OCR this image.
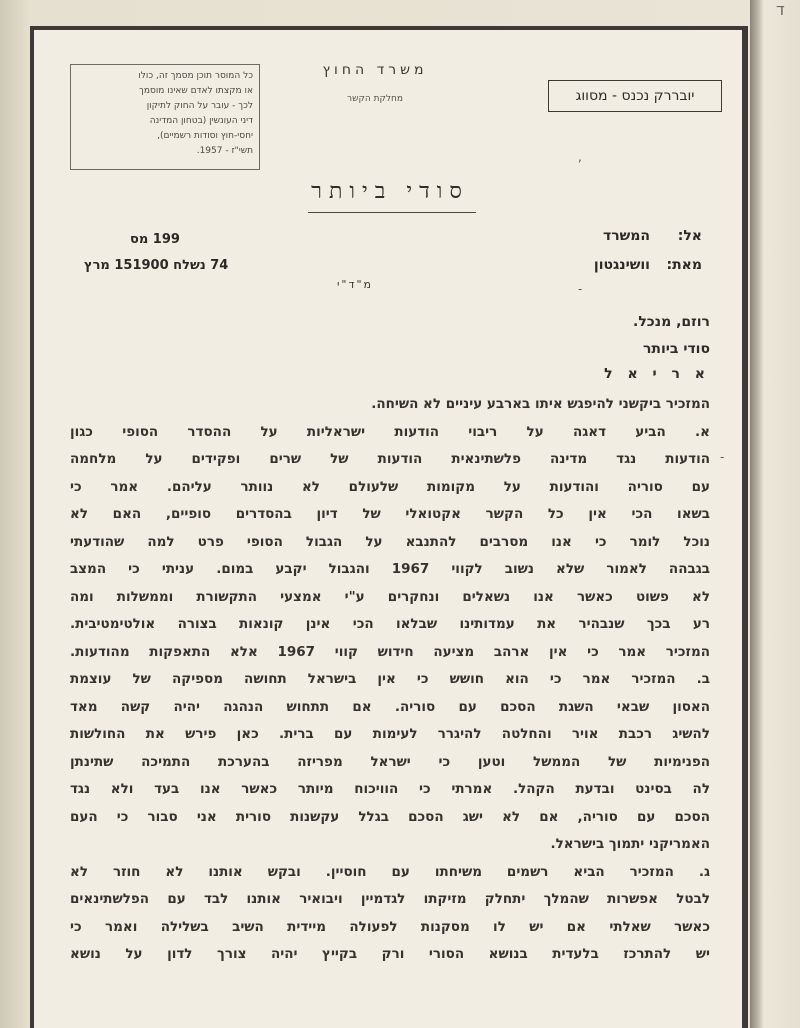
ד
כל המוסר תוכן מסמך זה, כולו
או מקצתו לאדם שאינו מוסמך
לכך - עובר על החוק לתיקון
דיני העונשין (בטחון המדינה
יחסי-חוץ וסודות רשמיים),
תשי"ז - 1957.
משרד החוץ
מחלקת הקשר	יובררק נכנס - מסווג
סודי ביותר
אל:
המשרד
מאת:
וושינגטון
199 מס
74 נשלח 151900 מרץ
מ"ד"י
,
-
-
רוזם, מנכל.
סודי ביותר
א ר י א ל
המזכיר ביקשני להיפגש איתו בארבע עיניים לא השיחה.
א. הביע דאגה על ריבוי הודעות ישראליות על ההסדר הסופי כגון
הודעות נגד מדינה פלשתינאית הודעות של שרים ופקידים על מלחמה
עם סוריה והודעות על מקומות שלעולם לא נוותר עליהם. אמר כי
בשאו הכי אין כל הקשר אקטואלי של דיון בהסדרים סופיים, האם לא
נוכל לומר כי אנו מסרבים להתנבא על הגבול הסופי פרט למה שהודעתי
בגבהה לאמור שלא נשוב לקווי 1967 והגבול יקבע במום. עניתי כי המצב
לא פשוט כאשר אנו נשאלים ונחקרים ע"י אמצעי התקשורת וממשלות ומה
רע בכך שנבהיר את עמדותינו שבלאו הכי אינן קונאות בצורה אולטימטיבית.
המזכיר אמר כי אין ארהב מציעה חידוש קווי 1967 אלא התאפקות מהודעות.
ב. המזכיר אמר כי הוא חושש כי אין בישראל תחושה מספיקה של עוצמת
האסון שבאי השגת הסכם עם סוריה. אם תתחוש הנהגה יהיה קשה מאד
להשיג רכבת אויר והחלטה להיגרר לעימות עם ברית. כאן פירש את החולשות
הפנימיות של הממשל וטען כי ישראל מפריזה בהערכת התמיכה שתינתן
לה בסינט ובדעת הקהל. אמרתי כי הוויכוח מיותר כאשר אנו בעד ולא נגד
הסכם עם סוריה, אם לא ישג הסכם בגלל עקשנות סורית אני סבור כי העם
האמריקני יתמוך בישראל.
ג. המזכיר הביא רשמים משיחתו עם חוסיין. ובקש אותנו לא חוזר לא
לבטל אפשרות שהמלך יתחלק מזיקתו לגדמיין ויבואיר אותנו לבד עם הפלשתינאים
כאשר שאלתי אם יש לו מסקנות לפעולה מיידית השיב בשלילה ואמר כי
יש להתרכז בלעדית בנושא הסורי ורק בקייץ יהיה צורך לדון על נושא
